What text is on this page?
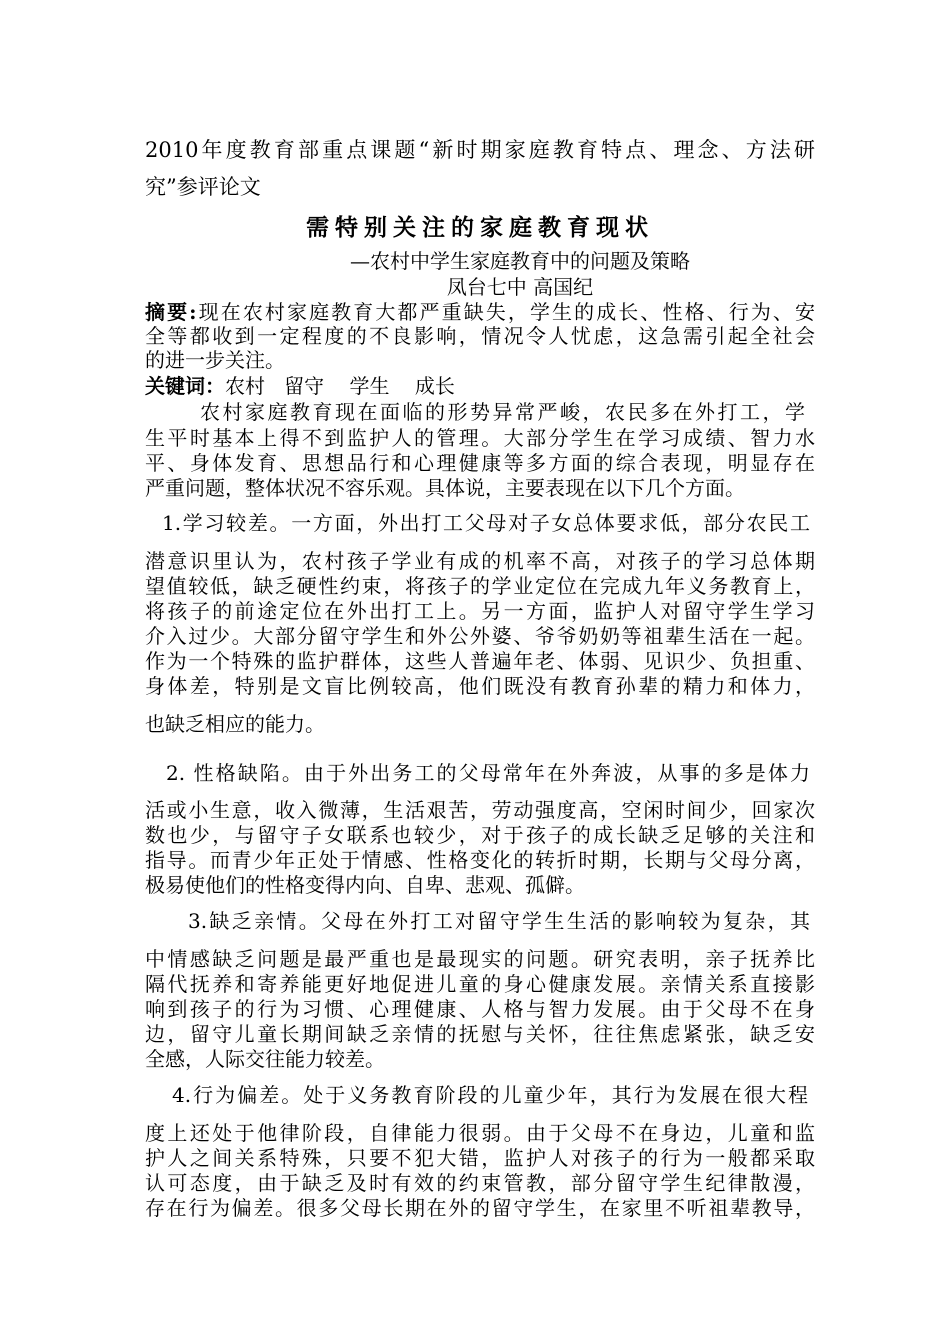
2010年度教育部重点课题“新时期家庭教育特点、理念、方法研
究”参评论文
需特别关注的家庭教育现状
—农村中学生家庭教育中的问题及策略
凤台七中 高国纪
摘要:现在农村家庭教育大都严重缺失，学生的成长、性格、行为、安
全等都收到一定程度的不良影响，情况令人忧虑，这急需引起全社会
的进一步关注。
关键词：农村   留守    学生    成长
农村家庭教育现在面临的形势异常严峻，农民多在外打工，学
生平时基本上得不到监护人的管理。大部分学生在学习成绩、智力水
平、身体发育、思想品行和心理健康等多方面的综合表现，明显存在
严重问题，整体状况不容乐观。具体说，主要表现在以下几个方面。
1.学习较差。一方面，外出打工父母对子女总体要求低，部分农民工
潜意识里认为，农村孩子学业有成的机率不高，对孩子的学习总体期
望值较低，缺乏硬性约束，将孩子的学业定位在完成九年义务教育上，
将孩子的前途定位在外出打工上。另一方面，监护人对留守学生学习
介入过少。大部分留守学生和外公外婆、爷爷奶奶等祖辈生活在一起。
作为一个特殊的监护群体，这些人普遍年老、体弱、见识少、负担重、
身体差，特别是文盲比例较高，他们既没有教育孙辈的精力和体力，
也缺乏相应的能力。
2. 性格缺陷。由于外出务工的父母常年在外奔波，从事的多是体力
活或小生意，收入微薄，生活艰苦，劳动强度高，空闲时间少，回家次
数也少，与留守子女联系也较少，对于孩子的成长缺乏足够的关注和
指导。而青少年正处于情感、性格变化的转折时期，长期与父母分离，
极易使他们的性格变得内向、自卑、悲观、孤僻。
3.缺乏亲情。父母在外打工对留守学生生活的影响较为复杂，其
中情感缺乏问题是最严重也是最现实的问题。研究表明，亲子抚养比
隔代抚养和寄养能更好地促进儿童的身心健康发展。亲情关系直接影
响到孩子的行为习惯、心理健康、人格与智力发展。由于父母不在身
边，留守儿童长期间缺乏亲情的抚慰与关怀，往往焦虑紧张，缺乏安
全感，人际交往能力较差。
4.行为偏差。处于义务教育阶段的儿童少年，其行为发展在很大程
度上还处于他律阶段，自律能力很弱。由于父母不在身边，儿童和监
护人之间关系特殊，只要不犯大错，监护人对孩子的行为一般都采取
认可态度，由于缺乏及时有效的约束管教，部分留守学生纪律散漫，
存在行为偏差。很多父母长期在外的留守学生，在家里不听祖辈教导，
